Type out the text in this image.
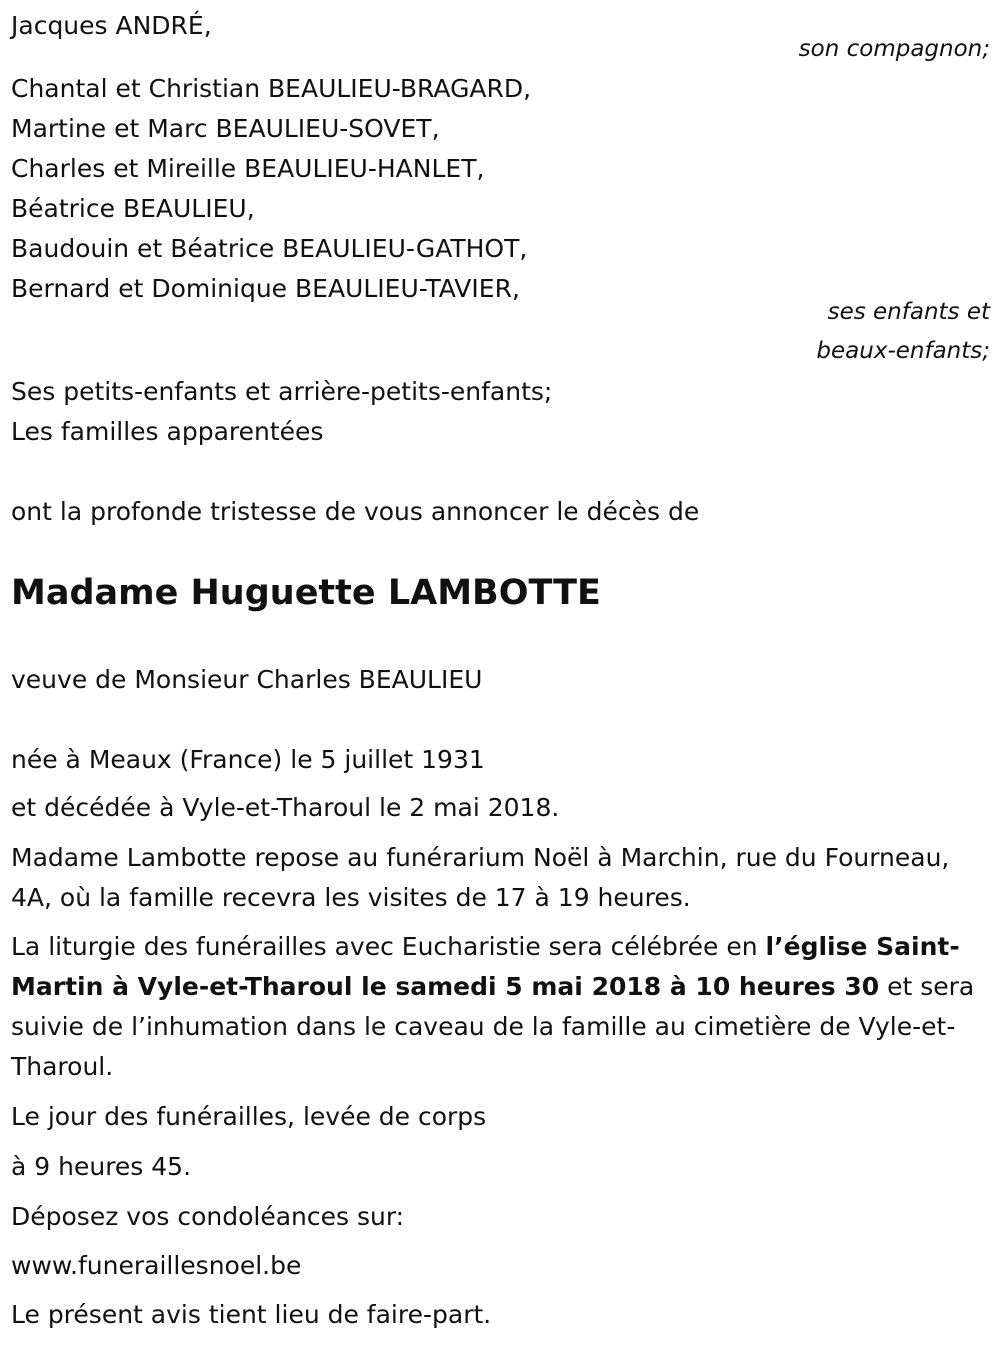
Jacques ANDRÉ,

son compagnon;

Chantal et Christian BEAULIEU-BRAGARD,

Martine et Marc BEAULIEU-SOVET,

Charles et Mireille BEAULIEU-HANLET,

Béatrice BEAULIEU,

Baudouin et Béatrice BEAULIEU-GATHOT,

Bernard et Dominique BEAULIEU-TAVIER,

ses enfants et

beaux-enfants;

Ses petits-enfants et arrière-petits-enfants;

Les familles apparentées

ont la profonde tristesse de vous annoncer le décès de

Madame Huguette LAMBOTTE

veuve de Monsieur Charles BEAULIEU

née à Meaux (France) le 5 juillet 1931

et décédée à Vyle-et-Tharoul le 2 mai 2018.

Madame Lambotte repose au funérarium Noël à Marchin, rue du Fourneau, 4A, où la famille recevra les visites de 17 à 19 heures.

La liturgie des funérailles avec Eucharistie sera célébrée en l’église Saint-Martin à Vyle-et-Tharoul le samedi 5 mai 2018 à 10 heures 30 et sera suivie de l’inhumation dans le caveau de la famille au cimetière de Vyle-et-Tharoul.

Le jour des funérailles, levée de corps

à 9 heures 45.

Déposez vos condoléances sur:

www.funeraillesnoel.be

Le présent avis tient lieu de faire-part.
